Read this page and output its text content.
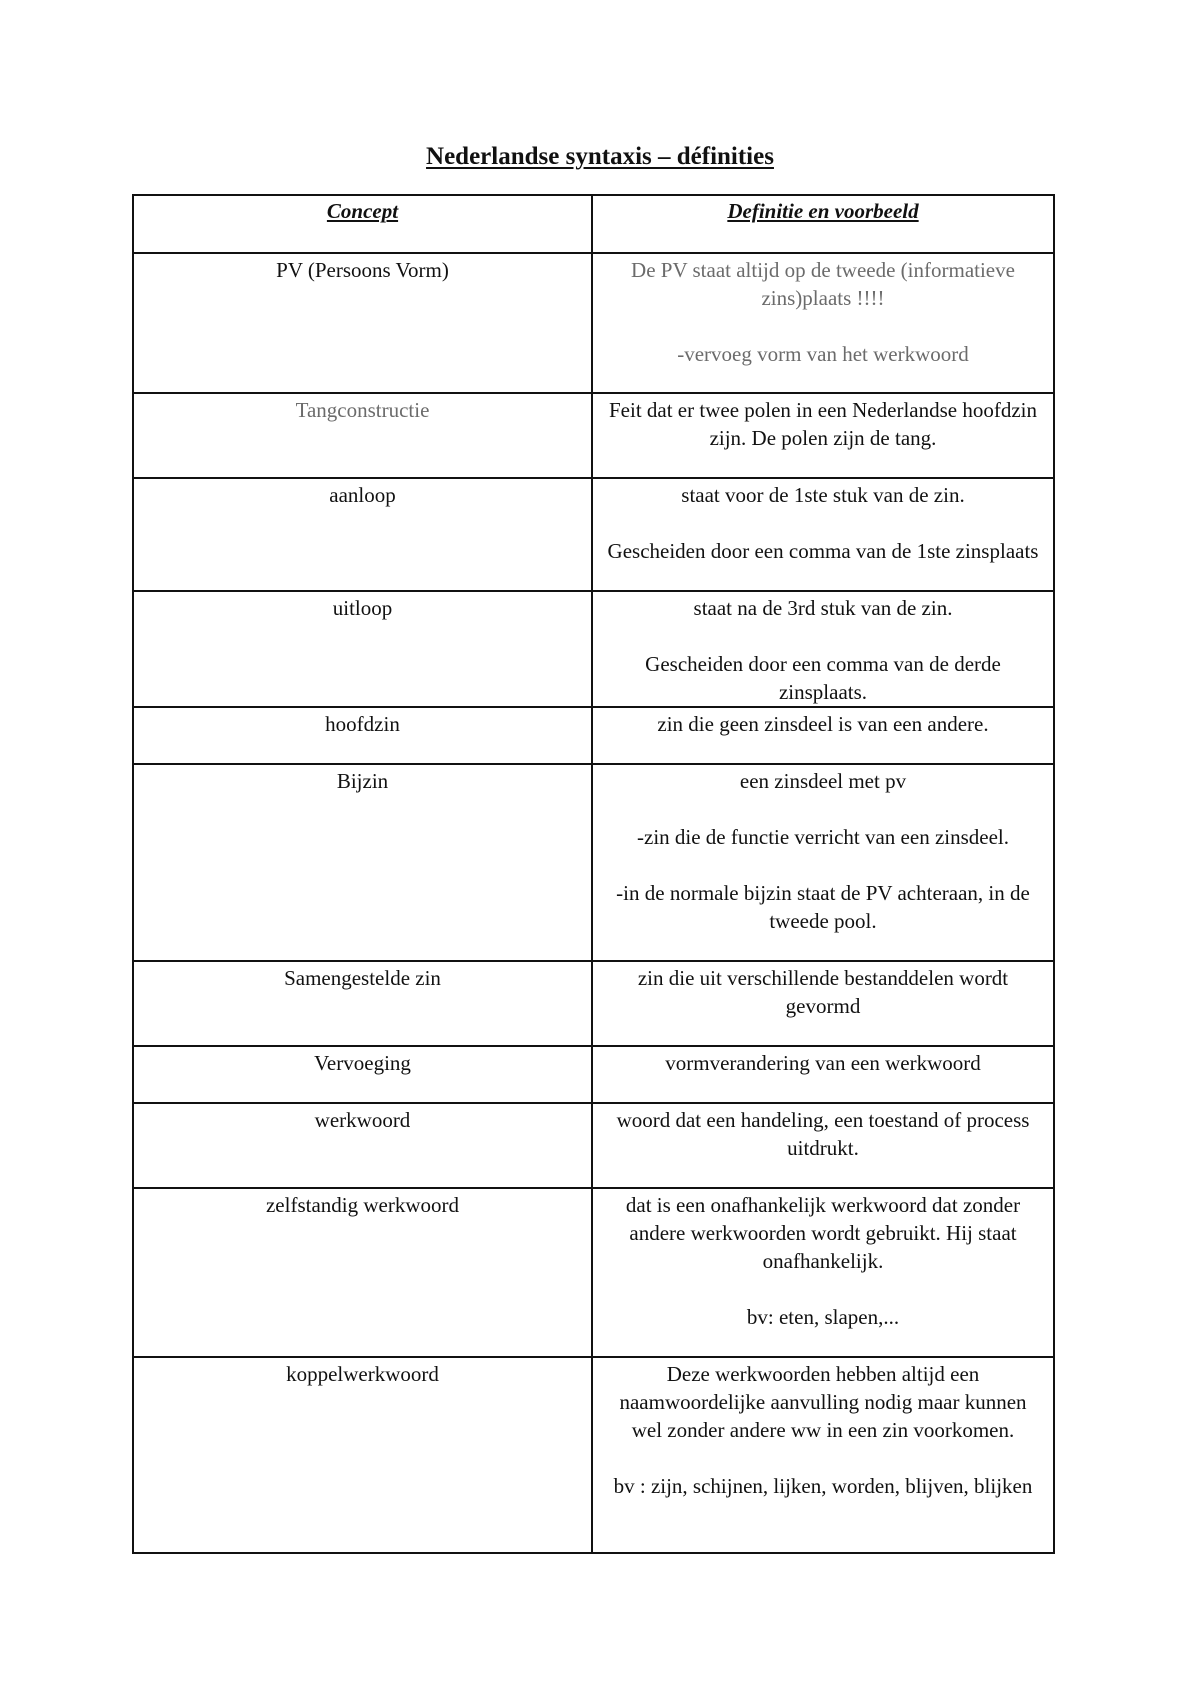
Nederlandse syntaxis – définities
Concept	Definitie en voorbeeld

PV (Persoons Vorm)	De PV staat altijd op de tweede (informatieve zins)plaats !!!!

-vervoeg vorm van het werkwoord

Tangconstructie	Feit dat er twee polen in een Nederlandse hoofdzin zijn. De polen zijn de tang.

aanloop	staat voor de 1ste stuk van de zin.

Gescheiden door een comma van de 1ste zinsplaats

uitloop	staat na de 3rd stuk van de zin.

Gescheiden door een comma van de derde zinsplaats.

hoofdzin	zin die geen zinsdeel is van een andere.

Bijzin	een zinsdeel met pv

-zin die de functie verricht van een zinsdeel.

-in de normale bijzin staat de PV achteraan, in de tweede pool.

Samengestelde zin	zin die uit verschillende bestanddelen wordt gevormd

Vervoeging	vormverandering van een werkwoord

werkwoord	woord dat een handeling, een toestand of process uitdrukt.

zelfstandig werkwoord	dat is een onafhankelijk werkwoord dat zonder andere werkwoorden wordt gebruikt. Hij staat onafhankelijk.

bv: eten, slapen,...

koppelwerkwoord	Deze werkwoorden hebben altijd een naamwoordelijke aanvulling nodig maar kunnen wel zonder andere ww in een zin voorkomen.

bv : zijn, schijnen, lijken, worden, blijven, blijken
